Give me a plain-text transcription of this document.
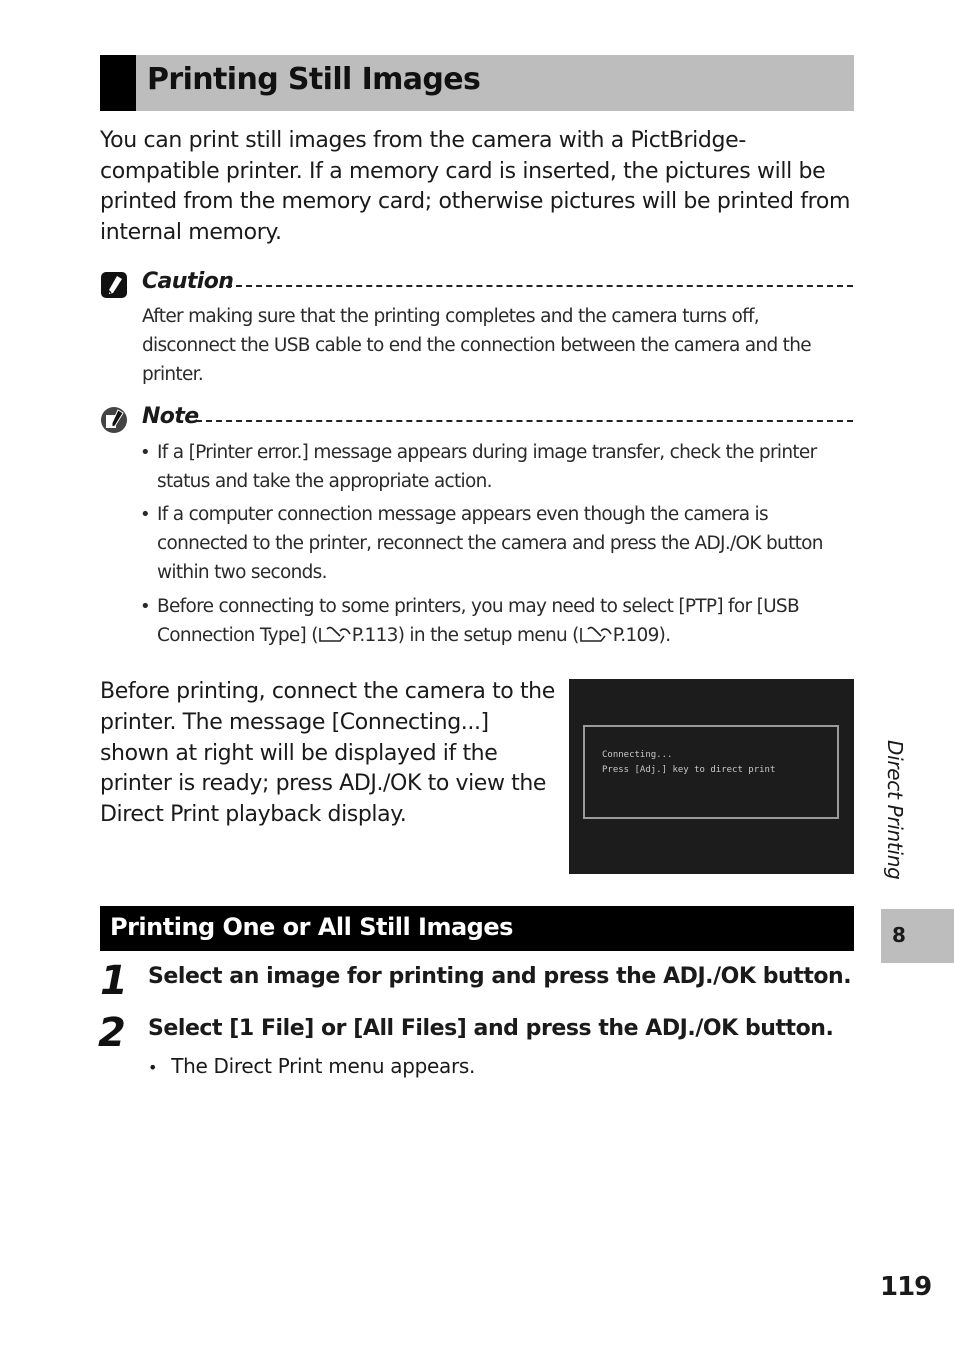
Printing Still Images
You can print still images from the camera with a PictBridge-compatible printer. If a memory card is inserted, the pictures will be printed from the memory card; otherwise pictures will be printed from internal memory.
Caution
After making sure that the printing completes and the camera turns off, disconnect the USB cable to end the connection between the camera and the printer.
Note
• If a [Printer error.] message appears during image transfer, check the printer status and take the appropriate action.
• If a computer connection message appears even though the camera is connected to the printer, reconnect the camera and press the ADJ./OK button within two seconds.
• Before connecting to some printers, you may need to select [PTP] for [USB Connection Type] ( P.113) in the setup menu ( P.109).
Before printing, connect the camera to the printer. The message [Connecting...] shown at right will be displayed if the printer is ready; press ADJ./OK to view the Direct Print playback display.
Connecting...
Press [Adj.] key to direct print
Printing One or All Still Images
1 Select an image for printing and press the ADJ./OK button.
2 Select [1 File] or [All Files] and press the ADJ./OK button.
• The Direct Print menu appears.
Direct Printing
8
119
